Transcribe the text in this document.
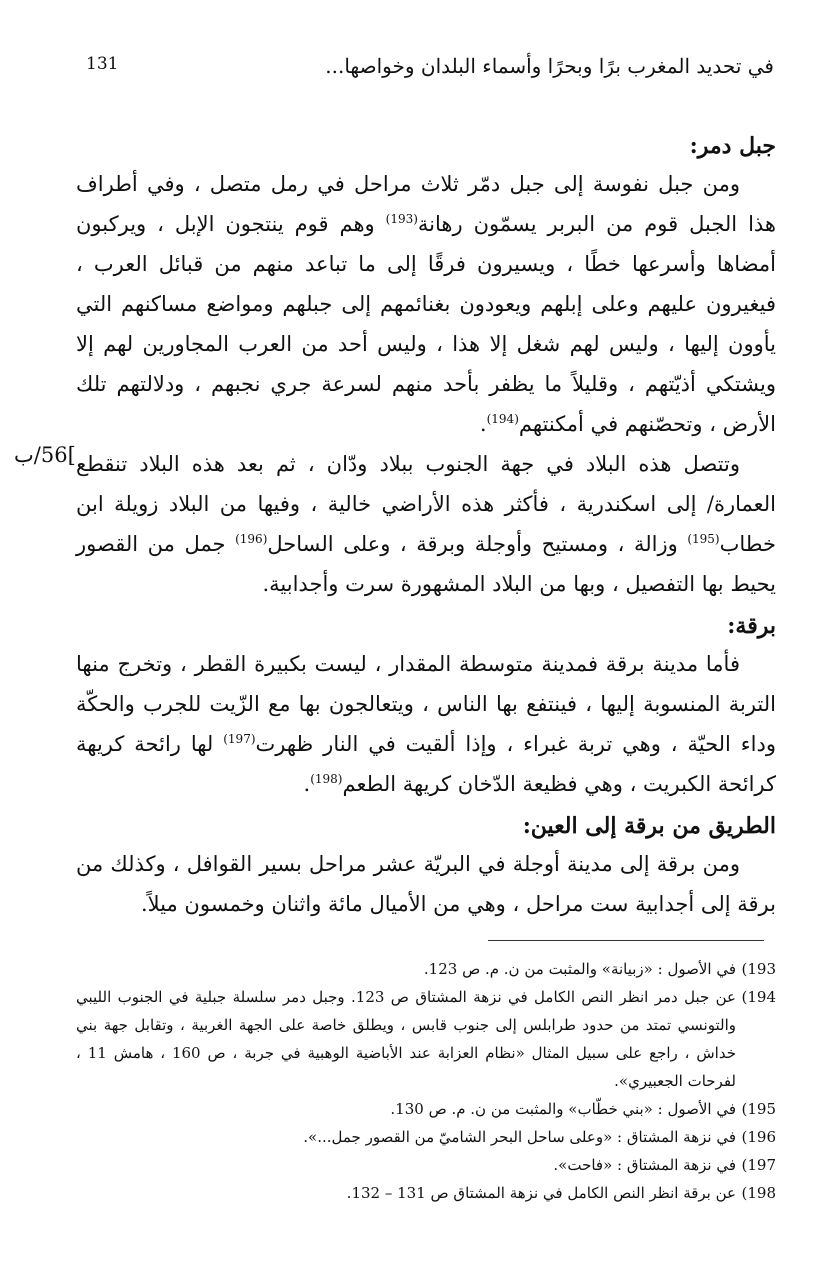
131	في تحديد المغرب برًا وبحرًا وأسماء البلدان وخواصها...
]56/ب
جبل دمر:
ومن جبل نفوسة إلى جبل دمّر ثلاث مراحل في رمل متصل ، وفي أطراف هذا الجبل قوم من البربر يسمّون رهانة$^{(193)}$ وهم قوم ينتجون الإبل ، ويركبون أمضاها وأسرعها خطًا ، ويسيرون فرقًا إلى ما تباعد منهم من قبائل العرب ، فيغيرون عليهم وعلى إبلهم ويعودون بغنائمهم إلى جبلهم ومواضع مساكنهم التي يأوون إليها ، وليس لهم شغل إلا هذا ، وليس أحد من العرب المجاورين لهم إلا ويشتكي أذيّتهم ، وقليلاً ما يظفر بأحد منهم لسرعة جري نجبهم ، ودلالتهم تلك الأرض ، وتحصّنهم في أمكنتهم$^{(194)}$.
وتتصل هذه البلاد في جهة الجنوب ببلاد ودّان ، ثم بعد هذه البلاد تنقطع العمارة/ إلى اسكندرية ، فأكثر هذه الأراضي خالية ، وفيها من البلاد زويلة ابن خطاب$^{(195)}$ وزالة ، ومستيح وأوجلة وبرقة ، وعلى الساحل$^{(196)}$ جمل من القصور يحيط بها التفصيل ، وبها من البلاد المشهورة سرت وأجدابية.
برقة:
فأما مدينة برقة فمدينة متوسطة المقدار ، ليست بكبيرة القطر ، وتخرج منها التربة المنسوبة إليها ، فينتفع بها الناس ، ويتعالجون بها مع الزّيت للجرب والحكّة وداء الحيّة ، وهي تربة غبراء ، وإذا ألقيت في النار ظهرت$^{(197)}$ لها رائحة كريهة كرائحة الكبريت ، وهي فظيعة الدّخان كريهة الطعم$^{(198)}$.
الطريق من برقة إلى العين:
ومن برقة إلى مدينة أوجلة في البريّة عشر مراحل بسير القوافل ، وكذلك من برقة إلى أجدابية ست مراحل ، وهي من الأميال مائة واثنان وخمسون ميلاً.
193)
في الأصول : «زبيانة» والمثبت من ن. م. ص 123.
194)
عن جبل دمر انظر النص الكامل في نزهة المشتاق ص 123. وجبل دمر سلسلة جبلية في الجنوب الليبي والتونسي تمتد من حدود طرابلس إلى جنوب قابس ، ويطلق خاصة على الجهة الغربية ، وتقابل جهة بني خداش ، راجع على سبيل المثال «نظام العزابة عند الأباضية الوهبية في جربة ، ص 160 ، هامش 11 ، لفرحات الجعبيري».
195)
في الأصول : «بني خطّاب» والمثبت من ن. م. ص 130.
196)
في نزهة المشتاق : «وعلى ساحل البحر الشاميّ من القصور جمل...».
197)
في نزهة المشتاق : «فاحت».
198)
عن برقة انظر النص الكامل في نزهة المشتاق ص 131 – 132.
